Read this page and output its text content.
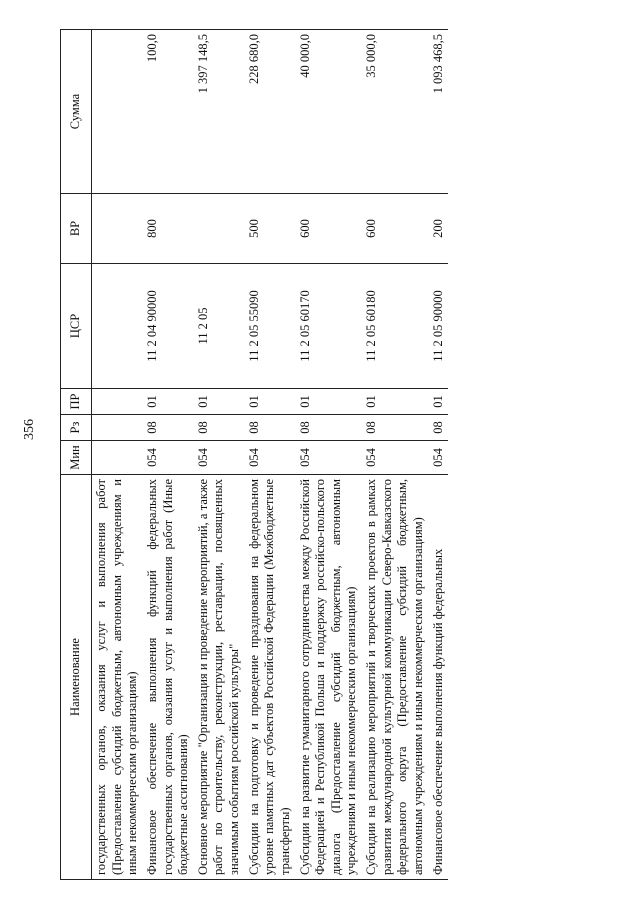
356
Наименование	Мин	Рз	ПР	ЦСР	ВР	Сумма
государственных органов, оказания услуг и выполнения работ (Предоставление субсидий бюджетным, автономным учреждениям и иным некоммерческим организациям)						
Финансовое обеспечение выполнения функций федеральных государственных органов, оказания услуг и выполнения работ (Иные бюджетные ассигнования)	054	08	01	11 2 04 90000	800	100,0
Основное мероприятие "Организация и проведение мероприятий, а также работ по строительству, реконструкции, реставрации, посвященных значимым событиям российской культуры"	054	08	01	11 2 05		1 397 148,5
Субсидии на подготовку и проведение празднования на федеральном уровне памятных дат субъектов Российской Федерации (Межбюджетные трансферты)	054	08	01	11 2 05 55090	500	228 680,0
Субсидии на развитие гуманитарного сотрудничества между Российской Федерацией и Республикой Польша и поддержку российско-польского диалога (Предоставление субсидий бюджетным, автономным учреждениям и иным некоммерческим организациям)	054	08	01	11 2 05 60170	600	40 000,0
Субсидии на реализацию мероприятий и творческих проектов в рамках развития международной культурной коммуникации Северо-Кавказского федерального округа (Предоставление субсидий бюджетным, автономным учреждениям и иным некоммерческим организациям)	054	08	01	11 2 05 60180	600	35 000,0
Финансовое обеспечение выполнения функций федеральных	054	08	01	11 2 05 90000	200	1 093 468,5
